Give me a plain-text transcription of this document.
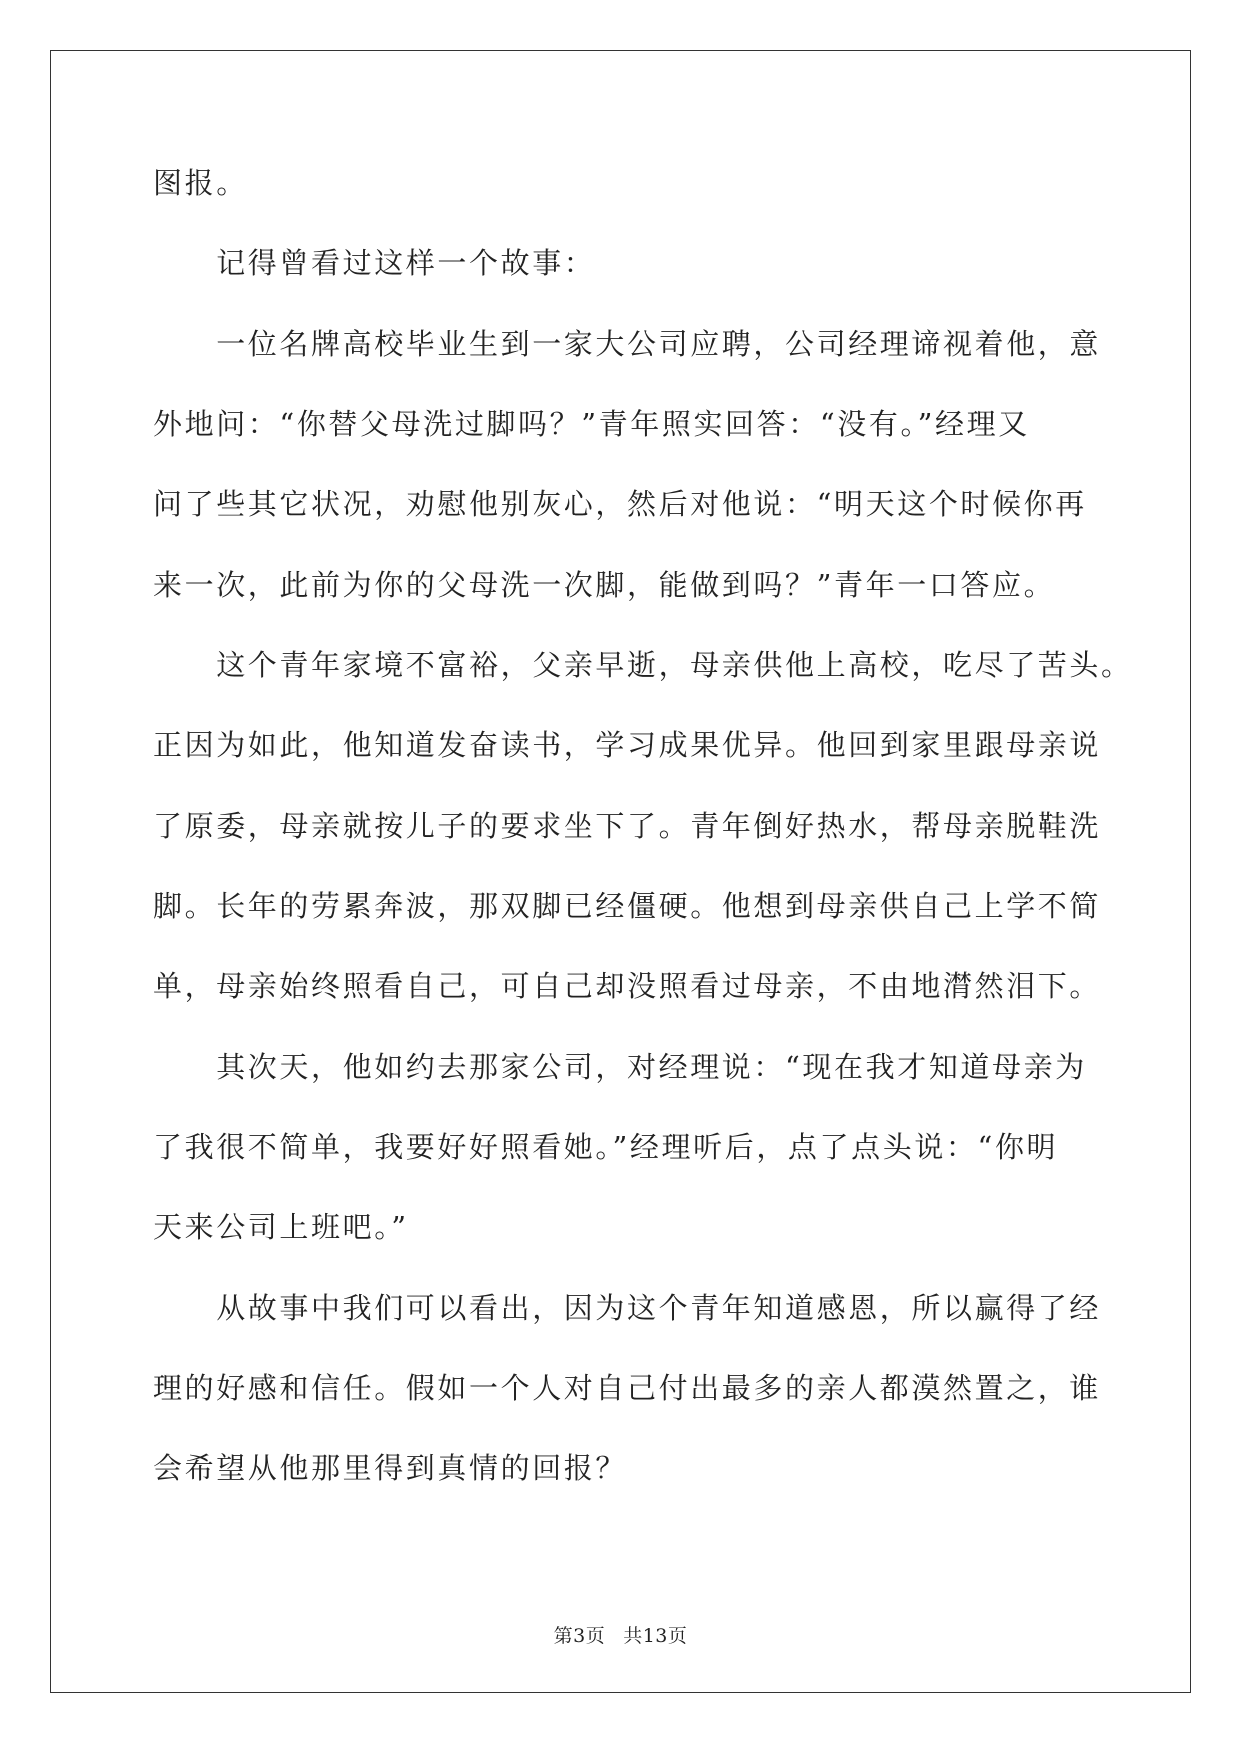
图报。
　　记得曾看过这样一个故事：
　　一位名牌高校毕业生到一家大公司应聘，公司经理谛视着他，意
外地问：“你替父母洗过脚吗？”青年照实回答：“没有。”经理又
问了些其它状况，劝慰他别灰心，然后对他说：“明天这个时候你再
来一次，此前为你的父母洗一次脚，能做到吗？”青年一口答应。
　　这个青年家境不富裕，父亲早逝，母亲供他上高校，吃尽了苦头。
正因为如此，他知道发奋读书，学习成果优异。他回到家里跟母亲说
了原委，母亲就按儿子的要求坐下了。青年倒好热水，帮母亲脱鞋洗
脚。长年的劳累奔波，那双脚已经僵硬。他想到母亲供自己上学不简
单，母亲始终照看自己，可自己却没照看过母亲，不由地潸然泪下。
　　其次天，他如约去那家公司，对经理说：“现在我才知道母亲为
了我很不简单，我要好好照看她。”经理听后，点了点头说：“你明
天来公司上班吧。”
　　从故事中我们可以看出，因为这个青年知道感恩，所以赢得了经
理的好感和信任。假如一个人对自己付出最多的亲人都漠然置之，谁
会希望从他那里得到真情的回报？
第3页 共13页
